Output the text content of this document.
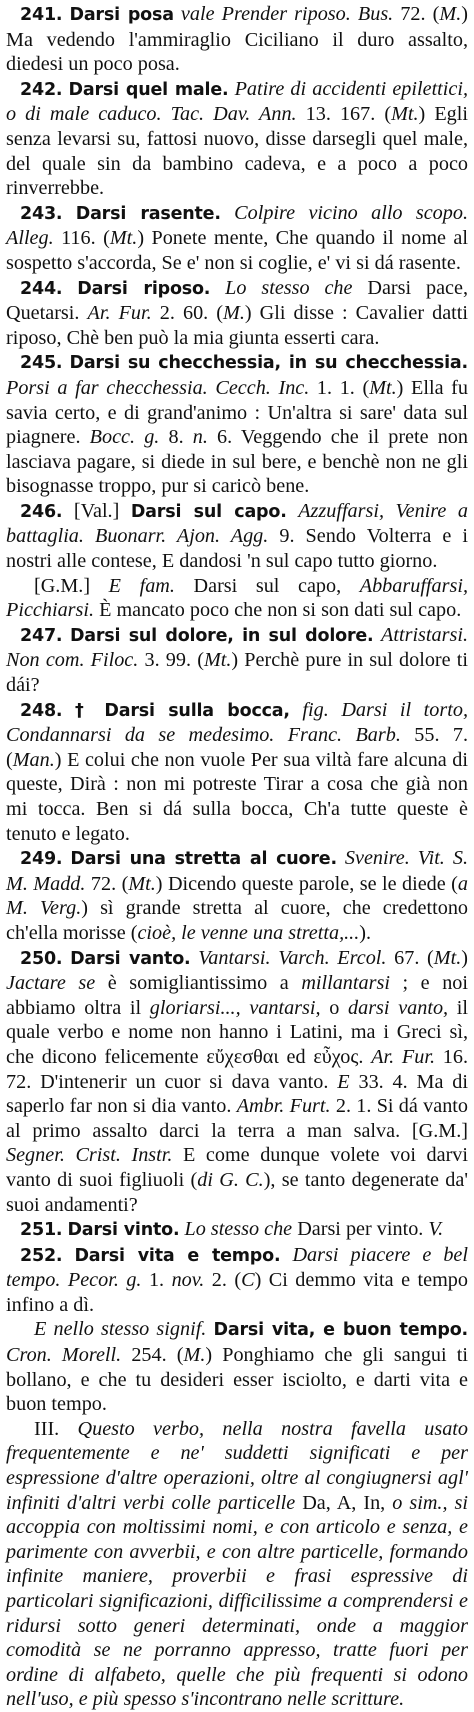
241. Darsi posa vale Prender riposo. Bus. 72. (M.) Ma vedendo l'ammiraglio Ciciliano il duro assalto, diedesi un poco posa.

242. Darsi quel male. Patire di accidenti epilettici, o di male caduco. Tac. Dav. Ann. 13. 167. (Mt.) Egli senza levarsi su, fattosi nuovo, disse darsegli quel male, del quale sin da bambino cadeva, e a poco a poco rinverrebbe.

243. Darsi rasente. Colpire vicino allo scopo. Alleg. 116. (Mt.) Ponete mente, Che quando il nome al sospetto s'accorda, Se e' non si coglie, e' vi si dá rasente.

244. Darsi riposo. Lo stesso che Darsi pace, Quetarsi. Ar. Fur. 2. 60. (M.) Gli disse : Cavalier datti riposo, Chè ben può la mia giunta esserti cara.

245. Darsi su checchessia, in su checchessia. Porsi a far checchessia. Cecch. Inc. 1. 1. (Mt.) Ella fu savia certo, e di grand'animo : Un'altra si sare' data sul piagnere. Bocc. g. 8. n. 6. Veggendo che il prete non lasciava pagare, si diede in sul bere, e benchè non ne gli bisognasse troppo, pur si caricò bene.

246. [Val.] Darsi sul capo. Azzuffarsi, Venire a battaglia. Buonarr. Ajon. Agg. 9. Sendo Volterra e i nostri alle contese, E dandosi 'n sul capo tutto giorno.

[G.M.] E fam. Darsi sul capo, Abbaruffarsi, Picchiarsi. È mancato poco che non si son dati sul capo.

247. Darsi sul dolore, in sul dolore. Attristarsi. Non com. Filoc. 3. 99. (Mt.) Perchè pure in sul dolore ti dái?

248. † Darsi sulla bocca, fig. Darsi il torto, Condannarsi da se medesimo. Franc. Barb. 55. 7. (Man.) E colui che non vuole Per sua viltà fare alcuna di queste, Dirà : non mi potreste Tirar a cosa che già non mi tocca. Ben si dá sulla bocca, Ch'a tutte queste è tenuto e legato.

249. Darsi una stretta al cuore. Svenire. Vit. S. M. Madd. 72. (Mt.) Dicendo queste parole, se le diede (a M. Verg.) sì grande stretta al cuore, che credettono ch'ella morisse (cioè, le venne una stretta,...).

250. Darsi vanto. Vantarsi. Varch. Ercol. 67. (Mt.) Jactare se è somigliantissimo a millantarsi ; e noi abbiamo oltra il gloriarsi..., vantarsi, o darsi vanto, il quale verbo e nome non hanno i Latini, ma i Greci sì, che dicono felicemente εὔχεσθαι ed εὖχος. Ar. Fur. 16. 72. D'intenerir un cuor si dava vanto. E 33. 4. Ma di saperlo far non si dia vanto. Ambr. Furt. 2. 1. Si dá vanto al primo assalto darci la terra a man salva. [G.M.] Segner. Crist. Instr. E come dunque volete voi darvi vanto di suoi figliuoli (di G. C.), se tanto degenerate da' suoi andamenti?

251. Darsi vinto. Lo stesso che Darsi per vinto. V.

252. Darsi vita e tempo. Darsi piacere e bel tempo. Pecor. g. 1. nov. 2. (C) Ci demmo vita e tempo infino a dì.

E nello stesso signif. Darsi vita, e buon tempo. Cron. Morell. 254. (M.) Ponghiamo che gli sangui ti bollano, e che tu desideri esser isciolto, e darti vita e buon tempo.

III. Questo verbo, nella nostra favella usato frequentemente e ne' suddetti significati e per espressione d'altre operazioni, oltre al congiugnersi agl' infiniti d'altri verbi colle particelle Da, A, In, o sim., si accoppia con moltissimi nomi, e con articolo e senza, e parimente con avverbii, e con altre particelle, formando infinite maniere, proverbii e frasi espressive di particolari significazioni, difficilissime a comprendersi e ridursi sotto generi determinati, onde a maggior comodità se ne porranno appresso, tratte fuori per ordine di alfabeto, quelle che più frequenti si odono nell'uso, e più spesso s'incontrano nelle scritture.
